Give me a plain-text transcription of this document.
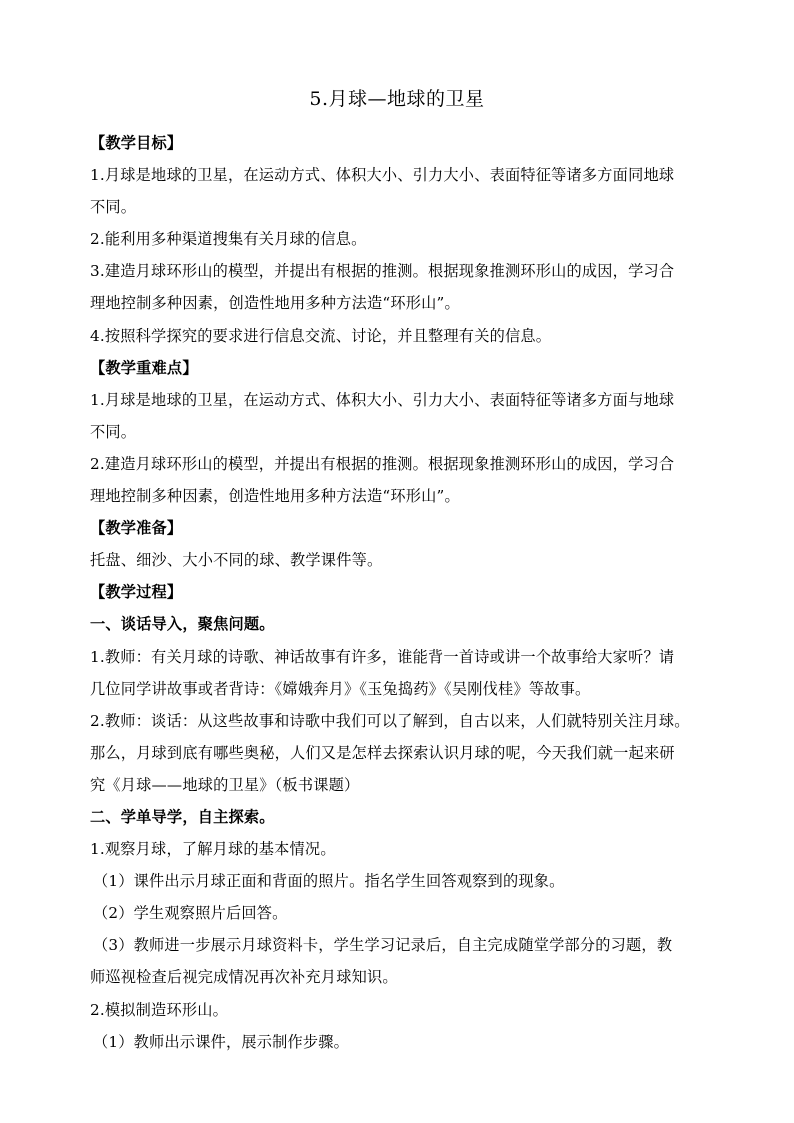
5.月球—地球的卫星
【教学目标】
1.月球是地球的卫星，在运动方式、体积大小、引力大小、表面特征等诸多方面同地球
不同。
2.能利用多种渠道搜集有关月球的信息。
3.建造月球环形山的模型，并提出有根据的推测。根据现象推测环形山的成因，学习合
理地控制多种因素，创造性地用多种方法造“环形山”。
4.按照科学探究的要求进行信息交流、讨论，并且整理有关的信息。
【教学重难点】
1.月球是地球的卫星，在运动方式、体积大小、引力大小、表面特征等诸多方面与地球
不同。
2.建造月球环形山的模型，并提出有根据的推测。根据现象推测环形山的成因，学习合
理地控制多种因素，创造性地用多种方法造“环形山”。
【教学准备】
托盘、细沙、大小不同的球、教学课件等。
【教学过程】
一、谈话导入，聚焦问题。
1.教师：有关月球的诗歌、神话故事有许多，谁能背一首诗或讲一个故事给大家听？请
几位同学讲故事或者背诗：《嫦娥奔月》《玉兔捣药》《吴刚伐桂》等故事。
2.教师：谈话：从这些故事和诗歌中我们可以了解到，自古以来，人们就特别关注月球。
那么，月球到底有哪些奥秘，人们又是怎样去探索认识月球的呢，今天我们就一起来研
究《月球——地球的卫星》（板书课题）
二、学单导学，自主探索。
1.观察月球，了解月球的基本情况。
（1）课件出示月球正面和背面的照片。指名学生回答观察到的现象。
（2）学生观察照片后回答。
（3）教师进一步展示月球资料卡，学生学习记录后，自主完成随堂学部分的习题，教
师巡视检查后视完成情况再次补充月球知识。
2.模拟制造环形山。
（1）教师出示课件，展示制作步骤。
